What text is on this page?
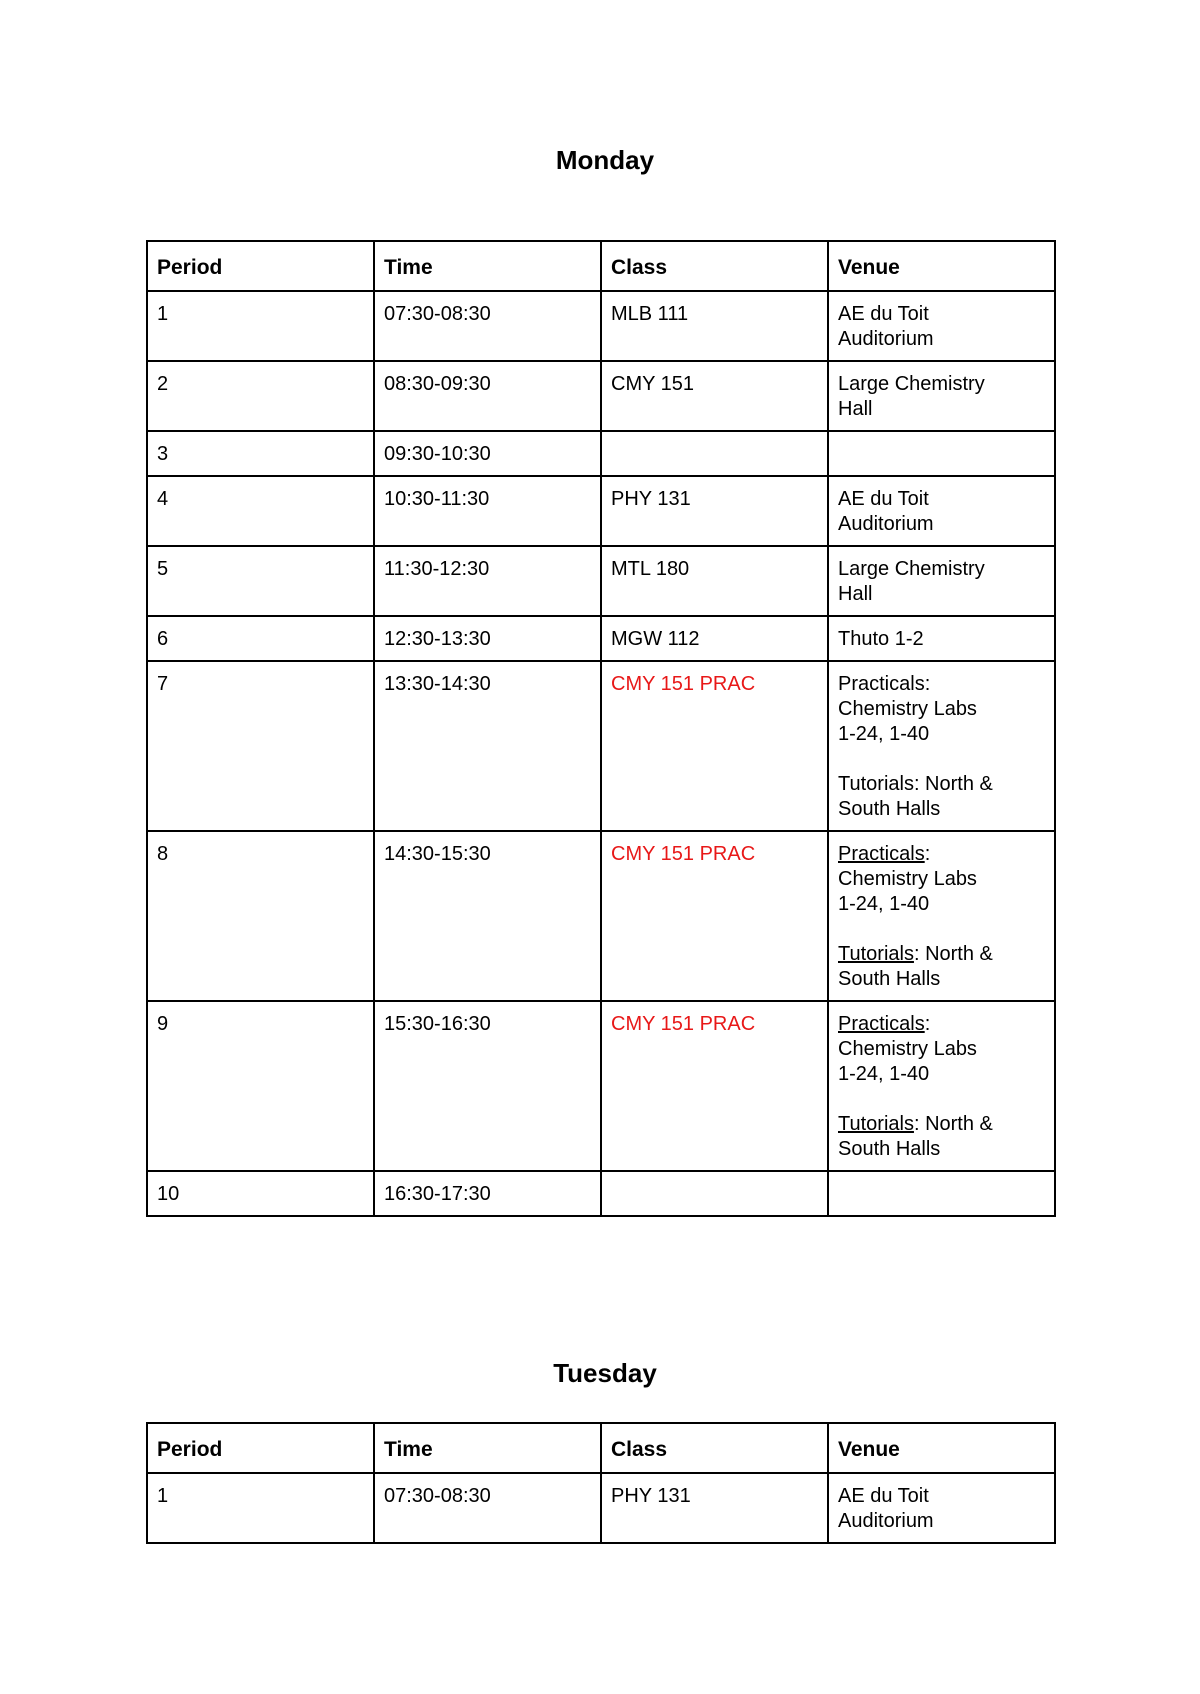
Monday
Period	Time	Class	Venue
1	07:30-08:30	MLB 111	AE du Toit
Auditorium

2	08:30-09:30	CMY 151	Large Chemistry
Hall

3	09:30-10:30		
4	10:30-11:30	PHY 131	AE du Toit
Auditorium

5	11:30-12:30	MTL 180	Large Chemistry
Hall

6	12:30-13:30	MGW 112	Thuto 1-2

7	13:30-14:30	CMY 151 PRAC	Practicals:
Chemistry Labs
1-24, 1-40
Tutorials: North &
South Halls

8	14:30-15:30	CMY 151 PRAC	Practicals:
Chemistry Labs
1-24, 1-40
Tutorials: North &
South Halls

9	15:30-16:30	CMY 151 PRAC	Practicals:
Chemistry Labs
1-24, 1-40
Tutorials: North &
South Halls

10	16:30-17:30		
Tuesday
Period	Time	Class	Venue
1	07:30-08:30	PHY 131	AE du Toit
Auditorium
